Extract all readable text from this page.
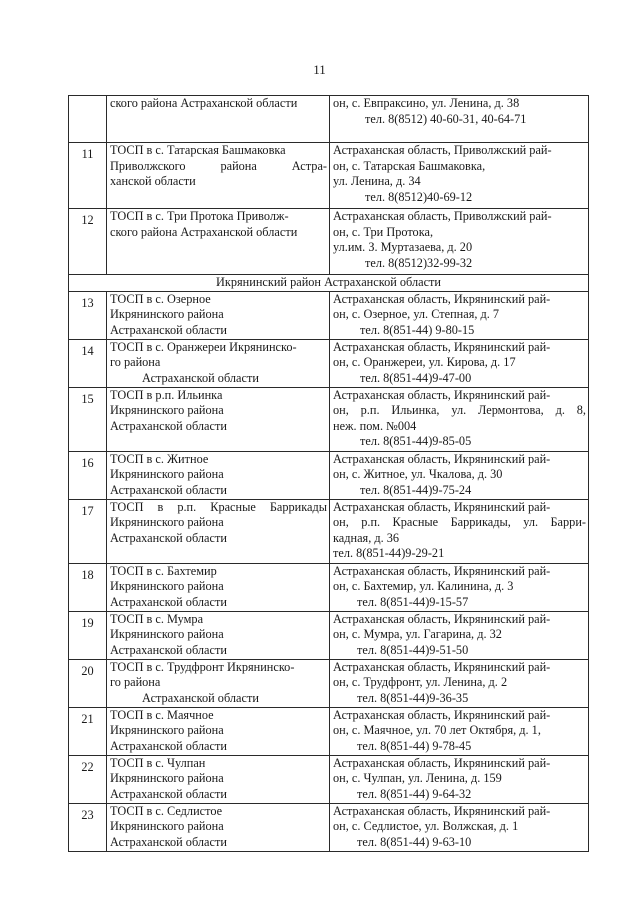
11

	ского района Астраханской области	он, с. Евпраксино, ул. Ленина, д. 38
тел. 8(8512) 40-60-31, 40-64-71

11	ТОСП в с. Татарская Башмаковка
Приволжского района Астра-
ханской области	Астраханская область, Приволжский рай-
он, с. Татарская Башмаковка,
ул. Ленина, д. 34
тел. 8(8512)40-69-12

12	ТОСП в с. Три Протока Приволж-
ского района Астраханской области	Астраханская область, Приволжский рай-
он, с. Три Протока,
ул.им. З. Муртазаева, д. 20
тел. 8(8512)32-99-32

Икрянинский район Астраханской области		
13	ТОСП в с. Озерное
Икрянинского района
Астраханской области	Астраханская область, Икрянинский рай-
он, с. Озерное, ул. Степная, д. 7
тел. 8(851-44) 9-80-15

14	ТОСП в с. Оранжереи Икрянинско-
го района
Астраханской области	Астраханская область, Икрянинский рай-
он, с. Оранжереи, ул. Кирова, д. 17
тел. 8(851-44)9-47-00

15	ТОСП в р.п. Ильинка
Икрянинского района
Астраханской области	Астраханская область, Икрянинский рай-
он, р.п. Ильинка, ул. Лермонтова, д. 8,
неж. пом. №004
тел. 8(851-44)9-85-05

16	ТОСП в с. Житное
Икрянинского района
Астраханской области	Астраханская область, Икрянинский рай-
он, с. Житное, ул. Чкалова, д. 30
тел. 8(851-44)9-75-24

17	ТОСП в р.п. Красные Баррикады
Икрянинского района
Астраханской области	Астраханская область, Икрянинский рай-
он, р.п. Красные Баррикады, ул. Барри-
кадная, д. 36
тел. 8(851-44)9-29-21

18	ТОСП в с. Бахтемир
Икрянинского района
Астраханской области	Астраханская область, Икрянинский рай-
он, с. Бахтемир, ул. Калинина, д. 3
тел. 8(851-44)9-15-57

19	ТОСП в с. Мумра
Икрянинского района
Астраханской области	Астраханская область, Икрянинский рай-
он, с. Мумра, ул. Гагарина, д. 32
тел. 8(851-44)9-51-50

20	ТОСП в с. Трудфронт Икрянинско-
го района
Астраханской области	Астраханская область, Икрянинский рай-
он, с. Трудфронт, ул. Ленина, д. 2
тел. 8(851-44)9-36-35

21	ТОСП в с. Маячное
Икрянинского района
Астраханской области	Астраханская область, Икрянинский рай-
он, с. Маячное, ул. 70 лет Октября, д. 1,
тел. 8(851-44) 9-78-45

22	ТОСП в с. Чулпан
Икрянинского района
Астраханской области	Астраханская область, Икрянинский рай-
он, с. Чулпан, ул. Ленина, д. 159
тел. 8(851-44) 9-64-32

23	ТОСП в с. Седлистое
Икрянинского района
Астраханской области	Астраханская область, Икрянинский рай-
он, с. Седлистое, ул. Волжская, д. 1
тел. 8(851-44) 9-63-10
